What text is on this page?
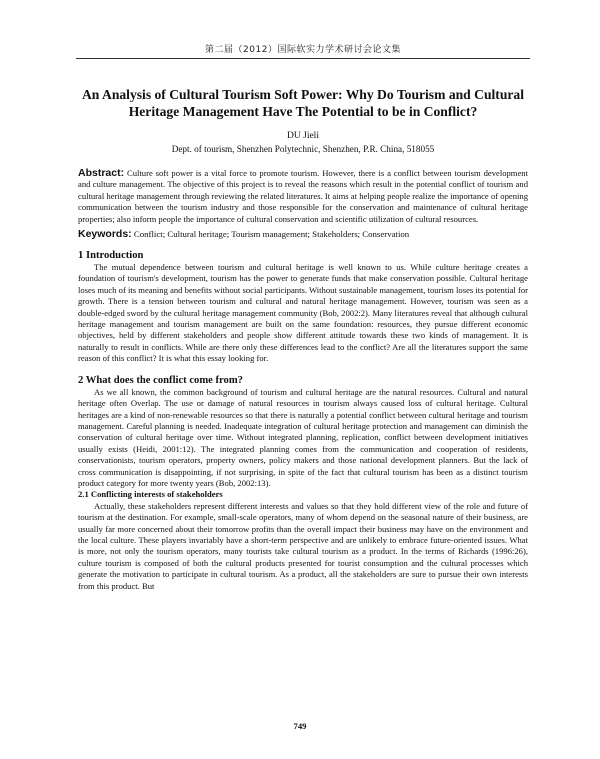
第二届（2012）国际软实力学术研讨会论文集
An Analysis of Cultural Tourism Soft Power: Why Do Tourism and Cultural Heritage Management Have The Potential to be in Conflict?
DU Jieli
Dept. of tourism, Shenzhen Polytechnic, Shenzhen, P.R. China, 518055

Abstract: Culture soft power is a vital force to promote tourism. However, there is a conflict between tourism development and culture management. The objective of this project is to reveal the reasons which result in the potential conflict of tourism and cultural heritage management through reviewing the related literatures. It aims at helping people realize the importance of opening communication between the tourism industry and those responsible for the conservation and maintenance of cultural heritage properties; also inform people the importance of cultural conservation and scientific utilization of cultural resources.

Keywords: Conflict; Cultural heritage; Tourism management; Stakeholders; Conservation

1 Introduction

The mutual dependence between tourism and cultural heritage is well known to us. While culture heritage creates a foundation of tourism's development, tourism has the power to generate funds that make conservation possible. Cultural heritage loses much of its meaning and benefits without social participants. Without sustainable management, tourism loses its potential for growth. There is a tension between tourism and cultural and natural heritage management. However, tourism was seen as a double-edged sword by the cultural heritage management community (Bob, 2002:2). Many literatures reveal that although cultural heritage management and tourism management are built on the same foundation: resources, they pursue different economic objectives, held by different stakeholders and people show different attitude towards these two kinds of management. It is naturally to result in conflicts. While are there only these differences lead to the conflict? Are all the literatures support the same reason of this conflict? It is what this essay looking for.

2 What does the conflict come from?

As we all known, the common background of tourism and cultural heritage are the natural resources. Cultural and natural heritage often Overlap. The use or damage of natural resources in tourism always caused loss of cultural heritage. Cultural heritages are a kind of non-renewable resources so that there is naturally a potential conflict between cultural heritage and tourism management. Careful planning is needed. Inadequate integration of cultural heritage protection and management can diminish the conservation of cultural heritage over time. Without integrated planning, replication, conflict between development initiatives usually exists (Heidi, 2001:12). The integrated planning comes from the communication and cooperation of residents, conservationists, tourism operators, property owners, policy makers and those national development planners. But the lack of cross communication is disappointing, if not surprising, in spite of the fact that cultural tourism has been as a distinct tourism product category for more twenty years (Bob, 2002:13).

2.1 Conflicting interests of stakeholders

Actually, these stakeholders represent different interests and values so that they hold different view of the role and future of tourism at the destination. For example, small-scale operators, many of whom depend on the seasonal nature of their business, are usually far more concerned about their tomorrow profits than the overall impact their business may have on the environment and the local culture. These players invariably have a short-term perspective and are unlikely to embrace future-oriented issues. What is more, not only the tourism operators, many tourists take cultural tourism as a product. In the terms of Richards (1996:26), culture tourism is composed of both the cultural products presented for tourist consumption and the cultural processes which generate the motivation to participate in cultural tourism. As a product, all the stakeholders are sure to pursue their own interests from this product. But

749
